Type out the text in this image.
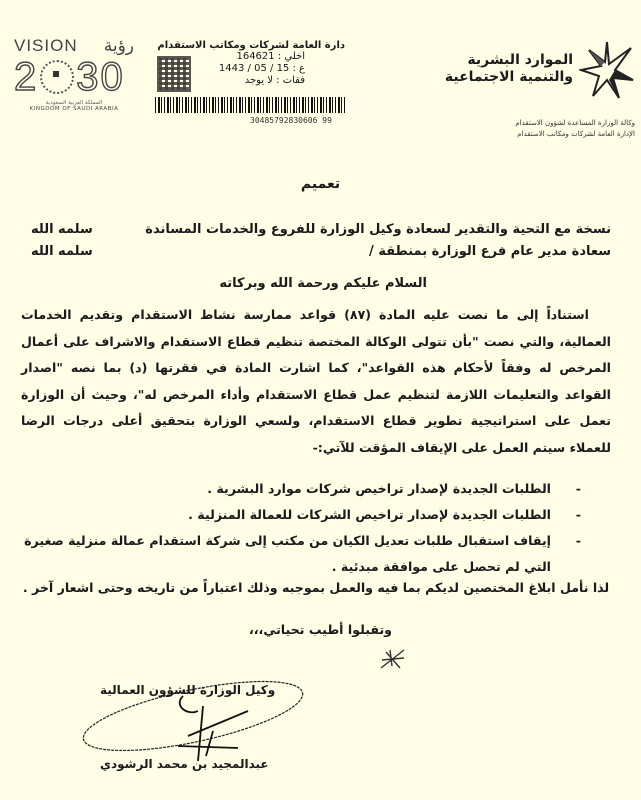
VISION رؤية
2 30
المملكة العربية السعودية
KINGDOM OF SAUDI ARABIA
دارة العامة لشركات ومكاتب الاستقدام
اخلي : 164621
ع : 15 / 05 / 1443
فقات : لا يوجد
30485792830606 99
الموارد البشرية
والتنمية الاجتماعية
وكالة الوزارة المساعدة لشؤون الاستقدام
الإدارة العامة لشركات ومكاتب الاستقدام
تعميم
نسخة مع التحية والتقدير لسعادة وكيل الوزارة للفروع والخدمات المساندة
سلمه الله
سعادة مدير عام فرع الوزارة بمنطقة /
سلمه الله
السلام عليكم ورحمة الله وبركاته
استناداً إلى ما نصت عليه المادة (٨٧) قواعد ممارسة نشاط الاستقدام وتقديم الخدمات العمالية، والتي نصت "بأن تتولى الوكالة المختصة تنظيم قطاع الاستقدام والاشراف على أعمال المرخص له وفقاً لأحكام هذه القواعد"، كما اشارت المادة في فقرتها (د) بما نصه "اصدار القواعد والتعليمات اللازمة لتنظيم عمل قطاع الاستقدام وأداء المرخص له"، وحيث أن الوزارة تعمل على استراتيجية تطوير قطاع الاستقدام، ولسعي الوزارة بتحقيق أعلى درجات الرضا للعملاء سيتم العمل على الإيقاف المؤقت للآتي:-
-
الطلبات الجديدة لإصدار تراخيص شركات موارد البشرية .
-
الطلبات الجديدة لإصدار تراخيص الشركات للعمالة المنزلية .
-
إيقاف استقبال طلبات تعديل الكيان من مكتب إلى شركة استقدام عمالة منزلية صغيرة التي لم تحصل على موافقة مبدئية .
لذا نأمل ابلاغ المختصين لديكم بما فيه والعمل بموجبه وذلك اعتباراً من تاريخه وحتى اشعار آخر .
وتقبلوا أطيب تحياتي،،،
وكيل الوزارة للشؤون العمالية
عبدالمجيد بن محمد الرشودي
